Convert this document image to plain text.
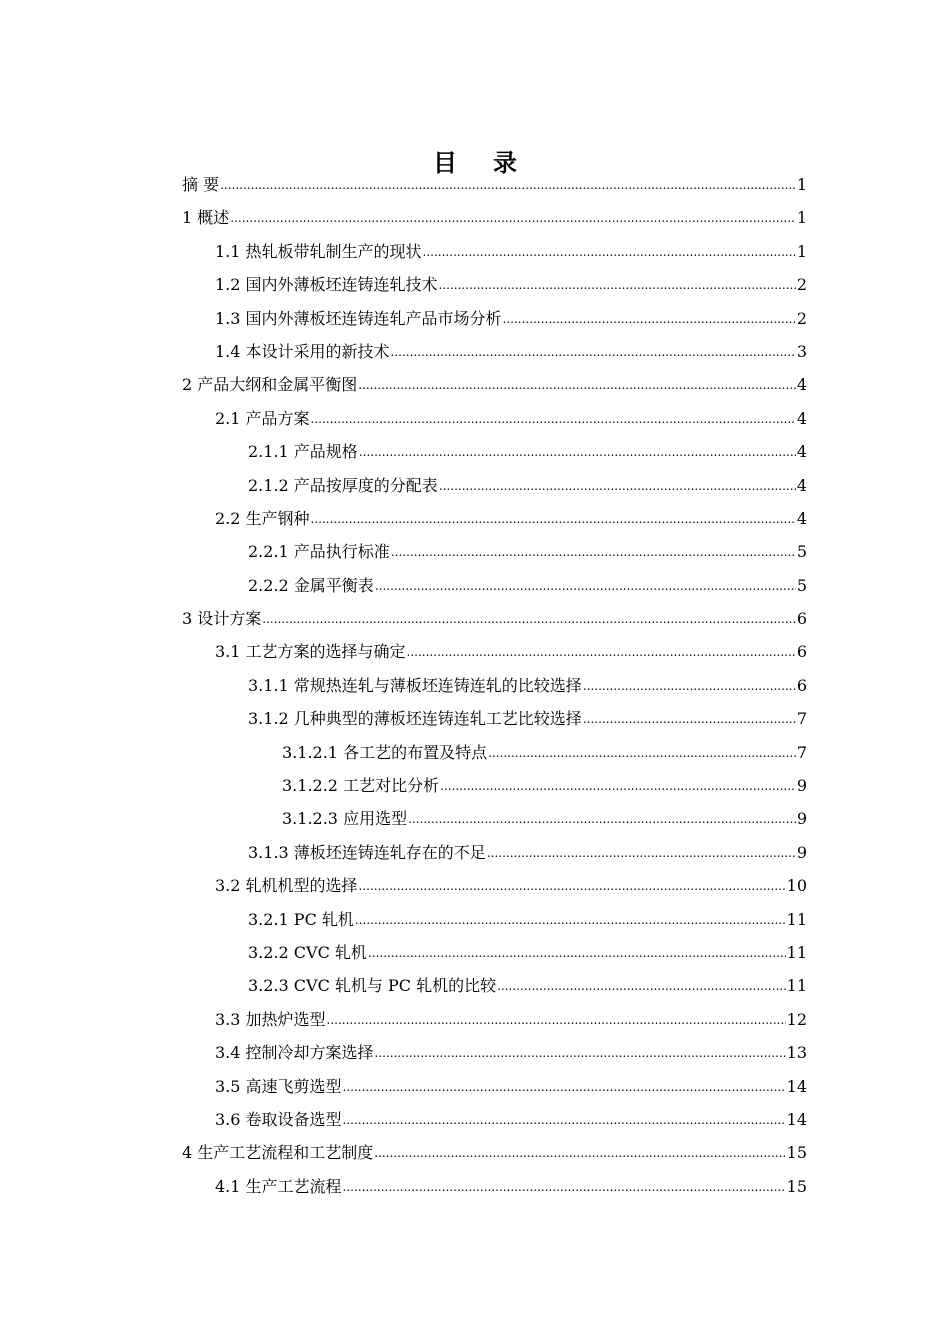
目 录
摘 要 .....	1
1 概述 .....	1
1.1 热轧板带轧制生产的现状 .....	1
1.2 国内外薄板坯连铸连轧技术 .....	2
1.3 国内外薄板坯连铸连轧产品市场分析 .....	2
1.4 本设计采用的新技术 .....	3
2 产品大纲和金属平衡图 .....	4
2.1 产品方案 .....	4
2.1.1 产品规格 .....	4
2.1.2 产品按厚度的分配表 .....	4
2.2 生产钢种 .....	4
2.2.1 产品执行标准 .....	5
2.2.2 金属平衡表 .....	5
3 设计方案 .....	6
3.1 工艺方案的选择与确定 .....	6
3.1.1 常规热连轧与薄板坯连铸连轧的比较选择 .....	6
3.1.2 几种典型的薄板坯连铸连轧工艺比较选择 .....	7
3.1.2.1 各工艺的布置及特点 .....	7
3.1.2.2 工艺对比分析 .....	9
3.1.2.3 应用选型 .....	9
3.1.3 薄板坯连铸连轧存在的不足 .....	9
3.2 轧机机型的选择 .....	10
3.2.1 PC 轧机 .....	11
3.2.2 CVC 轧机 .....	11
3.2.3 CVC 轧机与 PC 轧机的比较 .....	11
3.3 加热炉选型 .....	12
3.4 控制冷却方案选择 .....	13
3.5 高速飞剪选型 .....	14
3.6 卷取设备选型 .....	14
4 生产工艺流程和工艺制度 .....	15
4.1 生产工艺流程 .....	15
